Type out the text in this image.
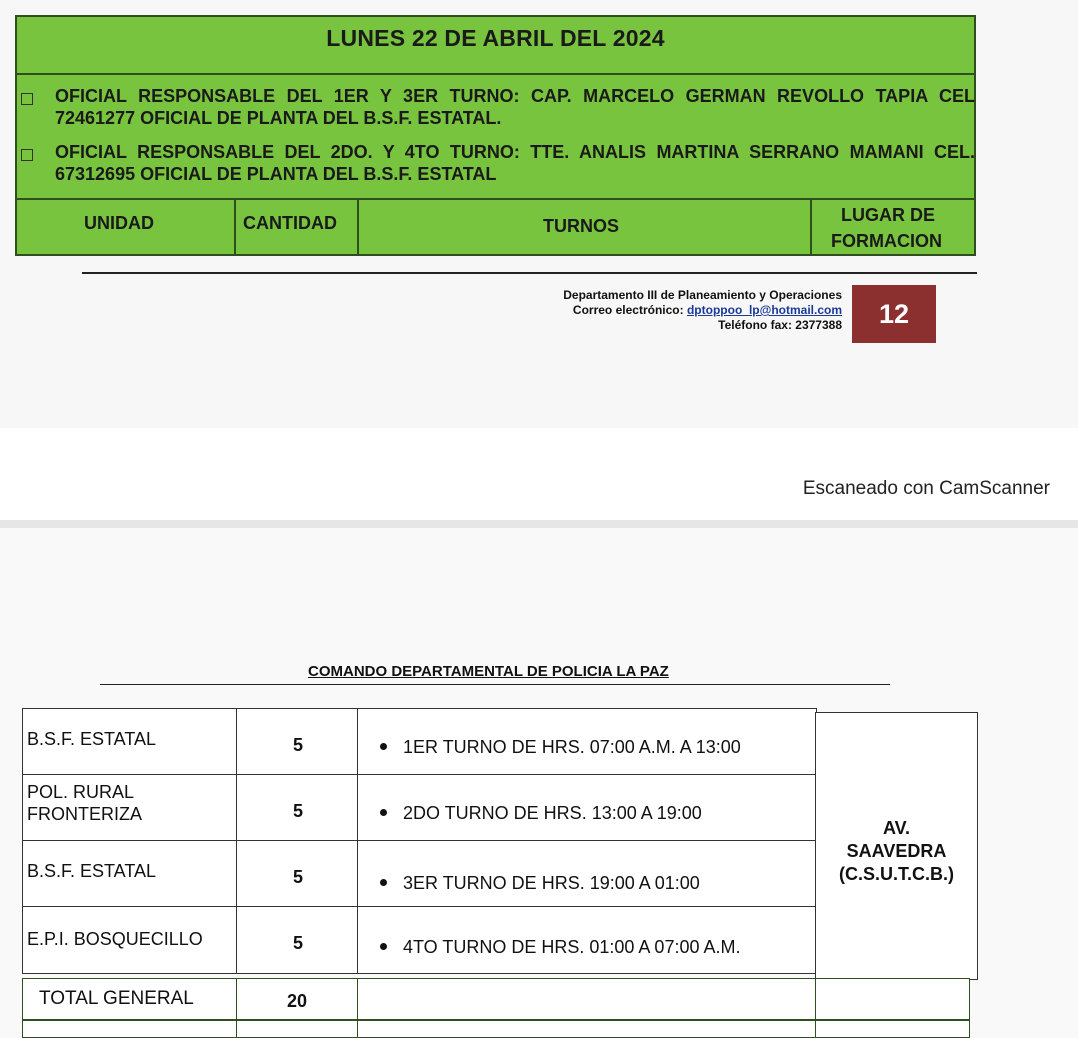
LUNES 22 DE ABRIL DEL 2024
OFICIAL RESPONSABLE DEL 1ER Y 3ER TURNO: CAP. MARCELO GERMAN REVOLLO TAPIA CEL 72461277 OFICIAL DE PLANTA DEL B.S.F. ESTATAL.
OFICIAL RESPONSABLE DEL 2DO. Y 4TO TURNO: TTE. ANALIS MARTINA SERRANO MAMANI CEL. 67312695 OFICIAL DE PLANTA DEL B.S.F. ESTATAL
UNIDAD	CANTIDAD	TURNOS
LUGAR DE
FORMACION
Departamento III de Planeamiento y Operaciones
Correo electrónico: dptoppoo_lp@hotmail.com
Teléfono fax: 2377388	12
Escaneado con CamScanner
COMANDO DEPARTAMENTAL DE POLICIA LA PAZ
B.S.F. ESTATAL	5	1ER TURNO DE HRS. 07:00 A.M. A 13:00
POL. RURAL
FRONTERIZA	5	2DO TURNO DE HRS. 13:00 A 19:00
B.S.F. ESTATAL	5	3ER TURNO DE HRS. 19:00 A 01:00
E.P.I. BOSQUECILLO	5	4TO TURNO DE HRS. 01:00 A 07:00 A.M.
AV.
SAAVEDRA
(C.S.U.T.C.B.)
TOTAL GENERAL	20
